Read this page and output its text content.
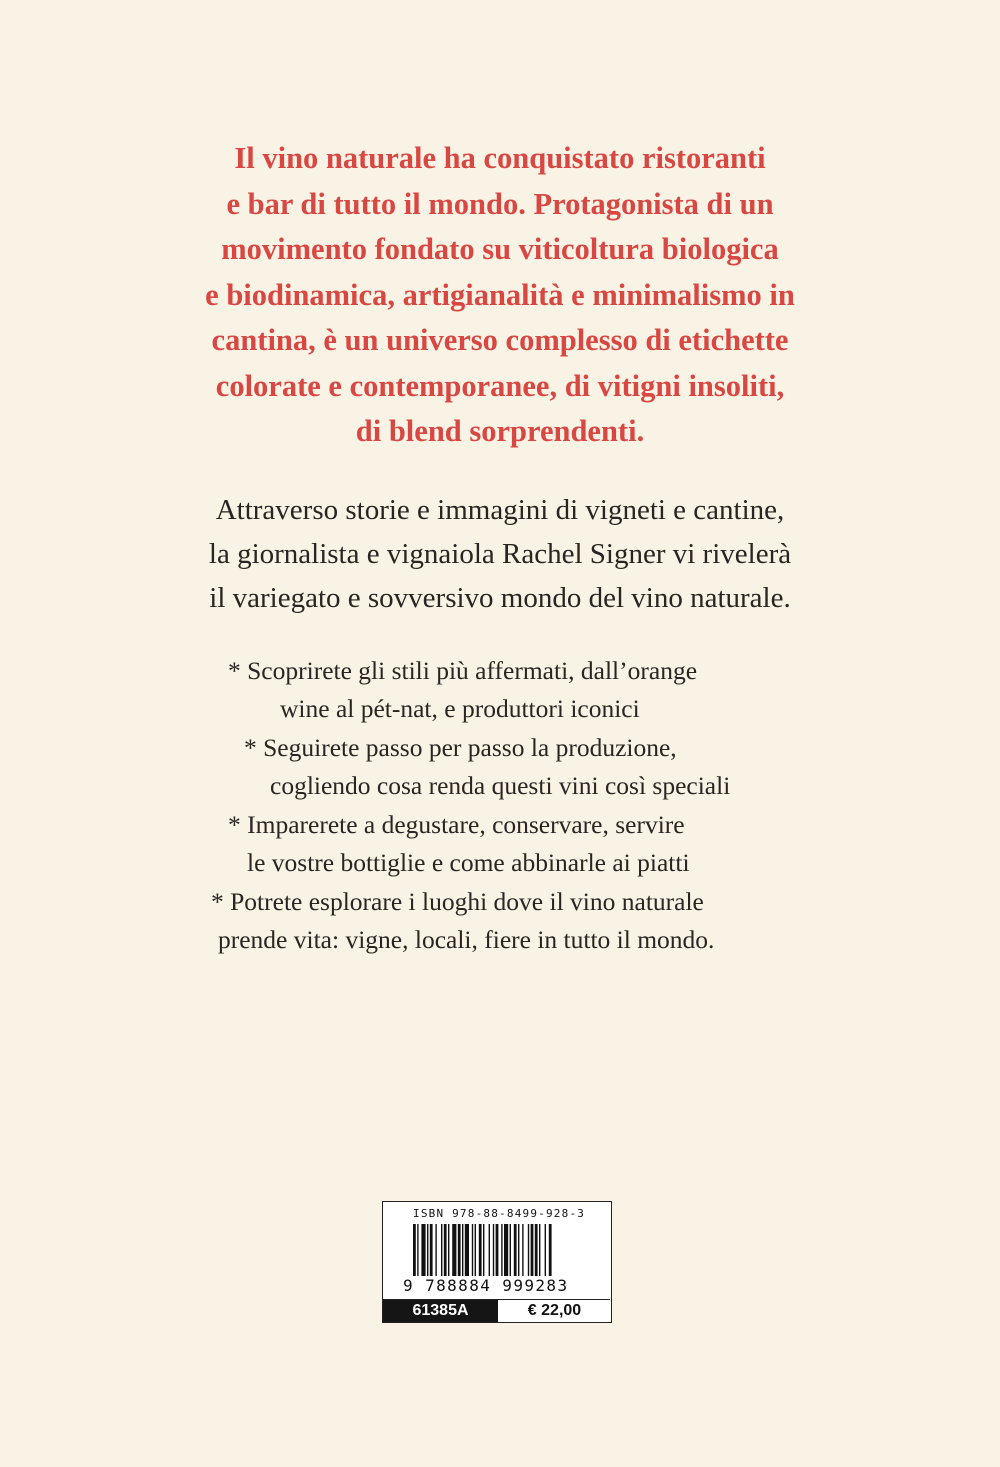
Il vino naturale ha conquistato ristoranti
e bar di tutto il mondo. Protagonista di un
movimento fondato su viticoltura biologica
e biodinamica, artigianalità e minimalismo in
cantina, è un universo complesso di etichette
colorate e contemporanee, di vitigni insoliti,
di blend sorprendenti.
Attraverso storie e immagini di vigneti e cantine,
la giornalista e vignaiola Rachel Signer vi rivelerà
il variegato e sovversivo mondo del vino naturale.
* Scoprirete gli stili più affermati, dall’orange
wine al pét-nat, e produttori iconici
* Seguirete passo per passo la produzione,
cogliendo cosa renda questi vini così speciali
* Imparerete a degustare, conservare, servire
le vostre bottiglie e come abbinarle ai piatti
* Potrete esplorare i luoghi dove il vino naturale
prende vita: vigne, locali, fiere in tutto il mondo.
ISBN 978-88-8499-928-3
9 788884 999283
61385A	€ 22,00
